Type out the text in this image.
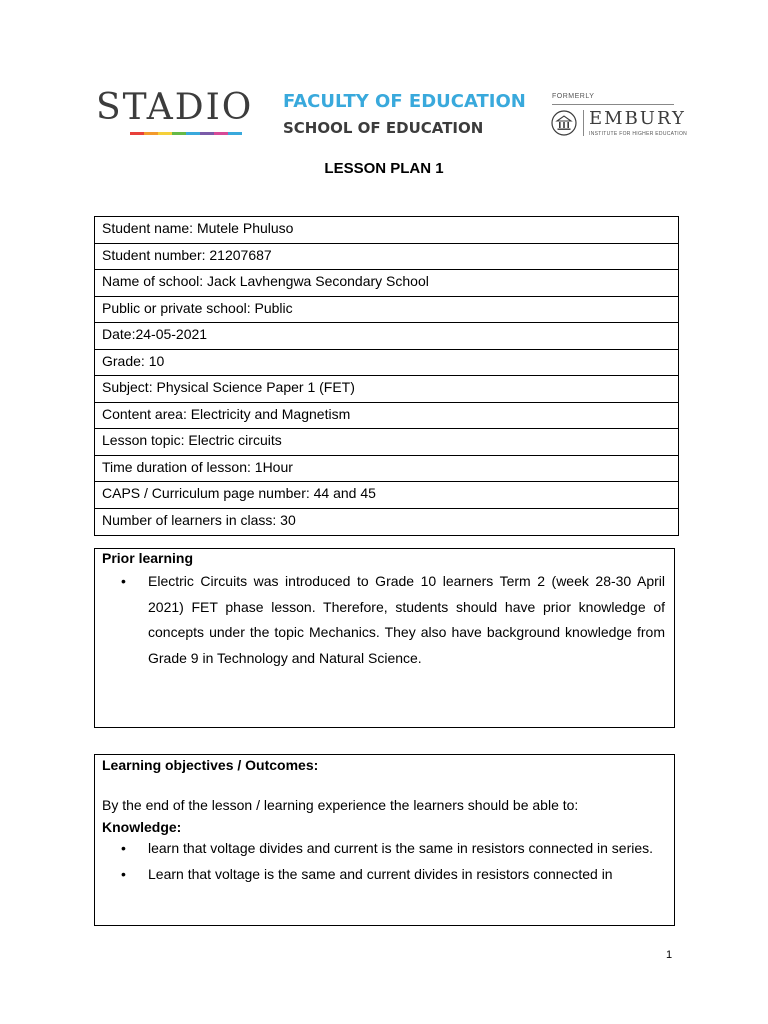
STADIO FACULTY OF EDUCATION
SCHOOL OF EDUCATION
FORMERLY
EMBURY
INSTITUTE FOR HIGHER EDUCATION
LESSON PLAN 1
Student name: Mutele Phuluso
Student number: 21207687
Name of school: Jack Lavhengwa Secondary School
Public or private school: Public
Date:24-05-2021
Grade: 10
Subject: Physical Science Paper 1 (FET)
Content area: Electricity and Magnetism
Lesson topic: Electric circuits
Time duration of lesson: 1Hour
CAPS / Curriculum page number: 44 and 45
Number of learners in class: 30
Prior learning
• Electric Circuits was introduced to Grade 10 learners Term 2 (week 28-30 April 2021) FET phase lesson. Therefore, students should have prior knowledge of concepts under the topic Mechanics. They also have background knowledge from Grade 9 in Technology and Natural Science.
Learning objectives / Outcomes:
By the end of the lesson / learning experience the learners should be able to:
Knowledge:
• learn that voltage divides and current is the same in resistors connected in series.
• Learn that voltage is the same and current divides in resistors connected in
1
